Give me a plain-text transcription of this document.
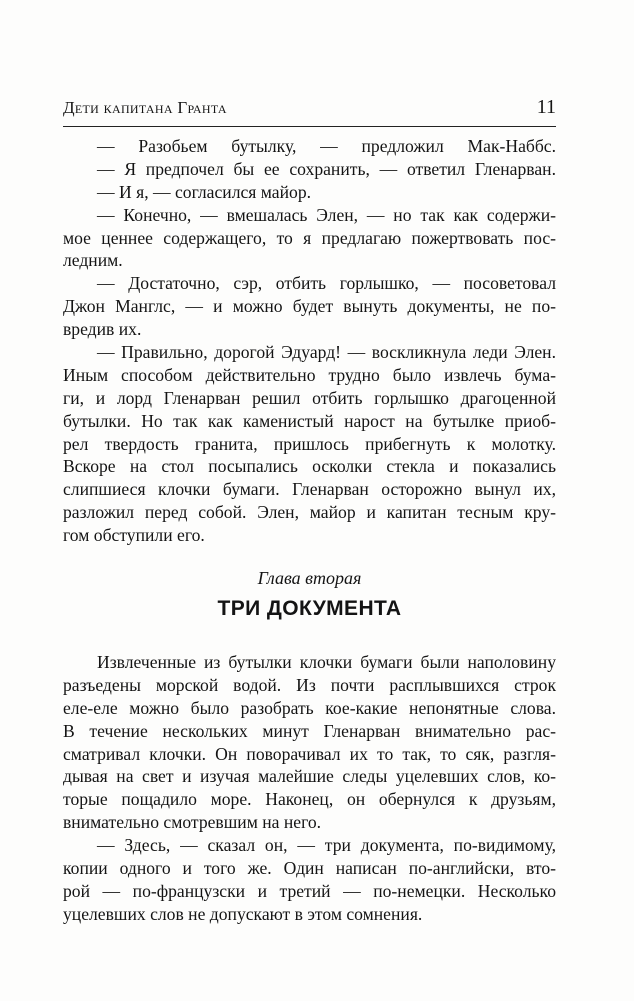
Дети капитана Гранта	11
— Разобьем бутылку, — предложил Мак-Наббс.
— Я предпочел бы ее сохранить, — ответил Гленарван.
— И я, — согласился майор.
— Конечно, — вмешалась Элен, — но так как содержи-
мое ценнее содержащего, то я предлагаю пожертвовать пос-
ледним.
— Достаточно, сэр, отбить горлышко, — посоветовал
Джон Манглс, — и можно будет вынуть документы, не по-
вредив их.
— Правильно, дорогой Эдуард! — воскликнула леди Элен.
Иным способом действительно трудно было извлечь бума-
ги, и лорд Гленарван решил отбить горлышко драгоценной
бутылки. Но так как каменистый нарост на бутылке приоб-
рел твердость гранита, пришлось прибегнуть к молотку.
Вскоре на стол посыпались осколки стекла и показались
слипшиеся клочки бумаги. Гленарван осторожно вынул их,
разложил перед собой. Элен, майор и капитан тесным кру-
гом обступили его.
Глава вторая
ТРИ ДОКУМЕНТА
Извлеченные из бутылки клочки бумаги были наполовину
разъедены морской водой. Из почти расплывшихся строк
еле-еле можно было разобрать кое-какие непонятные слова.
В течение нескольких минут Гленарван внимательно рас-
сматривал клочки. Он поворачивал их то так, то сяк, разгля-
дывая на свет и изучая малейшие следы уцелевших слов, ко-
торые пощадило море. Наконец, он обернулся к друзьям,
внимательно смотревшим на него.
— Здесь, — сказал он, — три документа, по-видимому,
копии одного и того же. Один написан по-английски, вто-
рой — по-французски и третий — по-немецки. Несколько
уцелевших слов не допускают в этом сомнения.
